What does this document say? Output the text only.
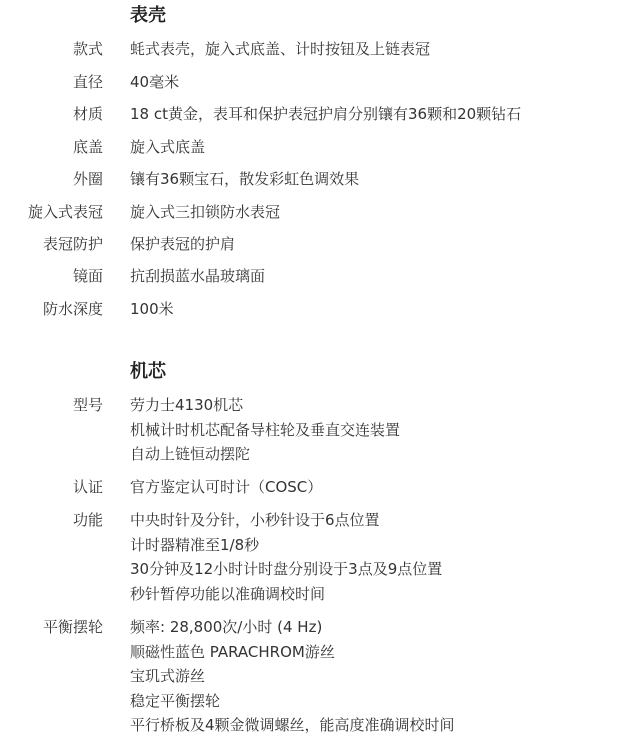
表壳
款式 蚝式表壳，旋入式底盖、计时按钮及上链表冠
直径 40毫米
材质 18 ct黄金，表耳和保护表冠护肩分别镶有36颗和20颗钻石
底盖 旋入式底盖
外圈 镶有36颗宝石，散发彩虹色调效果
旋入式表冠 旋入式三扣锁防水表冠
表冠防护 保护表冠的护肩
镜面 抗刮损蓝水晶玻璃面
防水深度 100米
机芯
型号 劳力士4130机芯
机械计时机芯配备导柱轮及垂直交连装置
自动上链恒动摆陀
认证 官方鉴定认可时计（COSC）
功能 中央时针及分针，小秒针设于6点位置
计时器精准至1/8秒
30分钟及12小时计时盘分别设于3点及9点位置
秒针暂停功能以准确调校时间
平衡摆轮 频率: 28,800次/小时 (4 Hz)
顺磁性蓝色 PARACHROM游丝
宝玑式游丝
稳定平衡摆轮
平行桥板及4颗金微调螺丝，能高度准确调校时间
